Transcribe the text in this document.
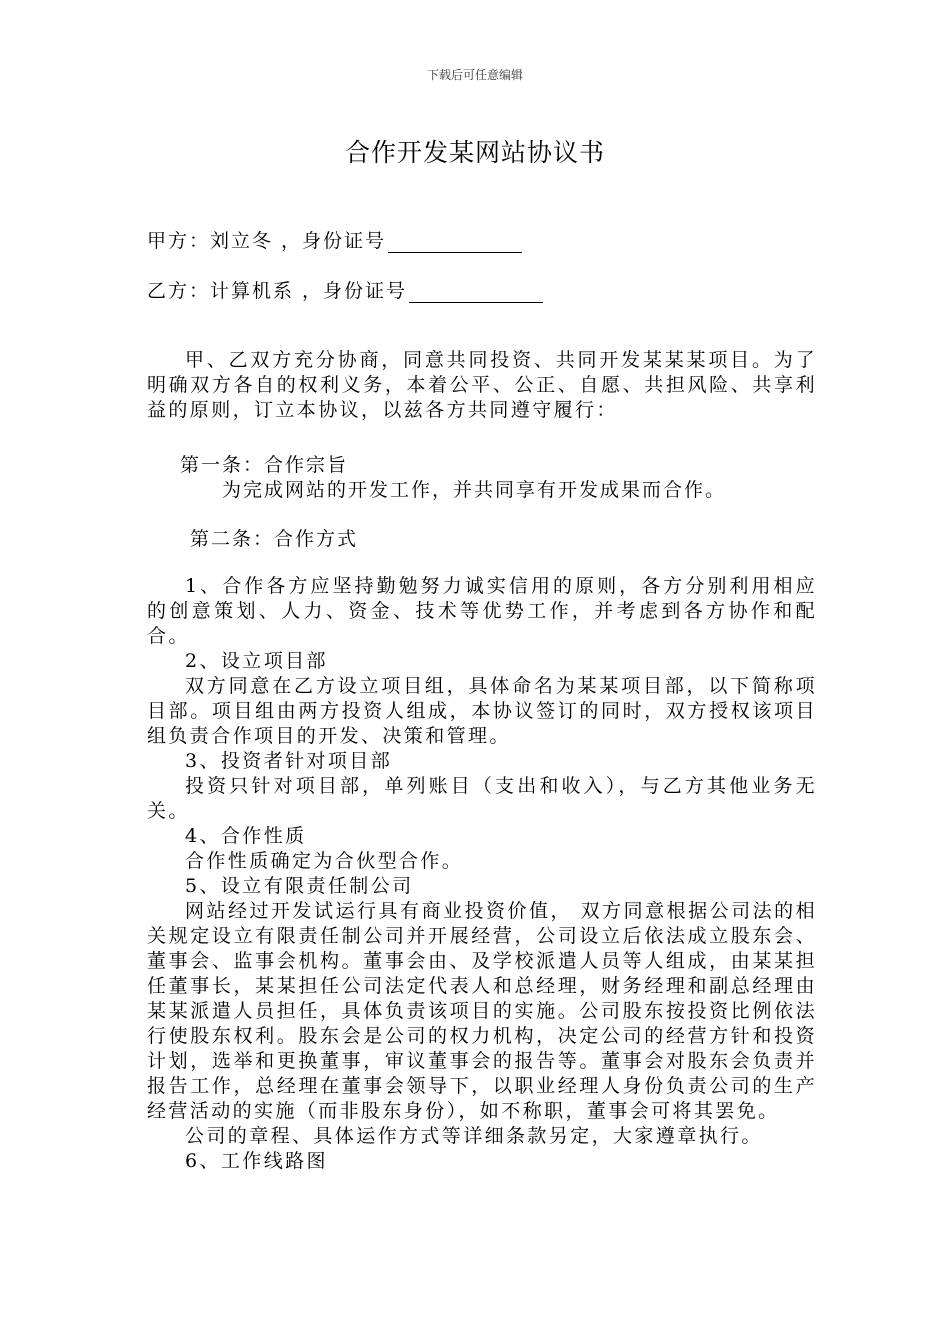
下载后可任意编辑
合作开发某网站协议书
甲方：刘立冬 ，身份证号
乙方：计算机系 ，身份证号

甲、乙双方充分协商，同意共同投资、共同开发某某某项目。为了明确双方各自的权利义务，本着公平、公正、自愿、共担风险、共享利益的原则，订立本协议，以兹各方共同遵守履行：

第一条：合作宗旨
为完成网站的开发工作，并共同享有开发成果而合作。
第二条：合作方式

1、合作各方应坚持勤勉努力诚实信用的原则，各方分别利用相应的创意策划、人力、资金、技术等优势工作，并考虑到各方协作和配合。

2、设立项目部

双方同意在乙方设立项目组，具体命名为某某项目部，以下简称项目部。项目组由两方投资人组成，本协议签订的同时，双方授权该项目组负责合作项目的开发、决策和管理。

3、投资者针对项目部

投资只针对项目部，单列账目（支出和收入），与乙方其他业务无关。

4、合作性质

合作性质确定为合伙型合作。

5、设立有限责任制公司

网站经过开发试运行具有商业投资价值， 双方同意根据公司法的相关规定设立有限责任制公司并开展经营，公司设立后依法成立股东会、董事会、监事会机构。董事会由、及学校派遣人员等人组成，由某某担任董事长，某某担任公司法定代表人和总经理，财务经理和副总经理由某某派遣人员担任，具体负责该项目的实施。公司股东按投资比例依法行使股东权利。股东会是公司的权力机构，决定公司的经营方针和投资计划，选举和更换董事，审议董事会的报告等。董事会对股东会负责并报告工作，总经理在董事会领导下，以职业经理人身份负责公司的生产经营活动的实施（而非股东身份），如不称职，董事会可将其罢免。

公司的章程、具体运作方式等详细条款另定，大家遵章执行。

6、工作线路图
